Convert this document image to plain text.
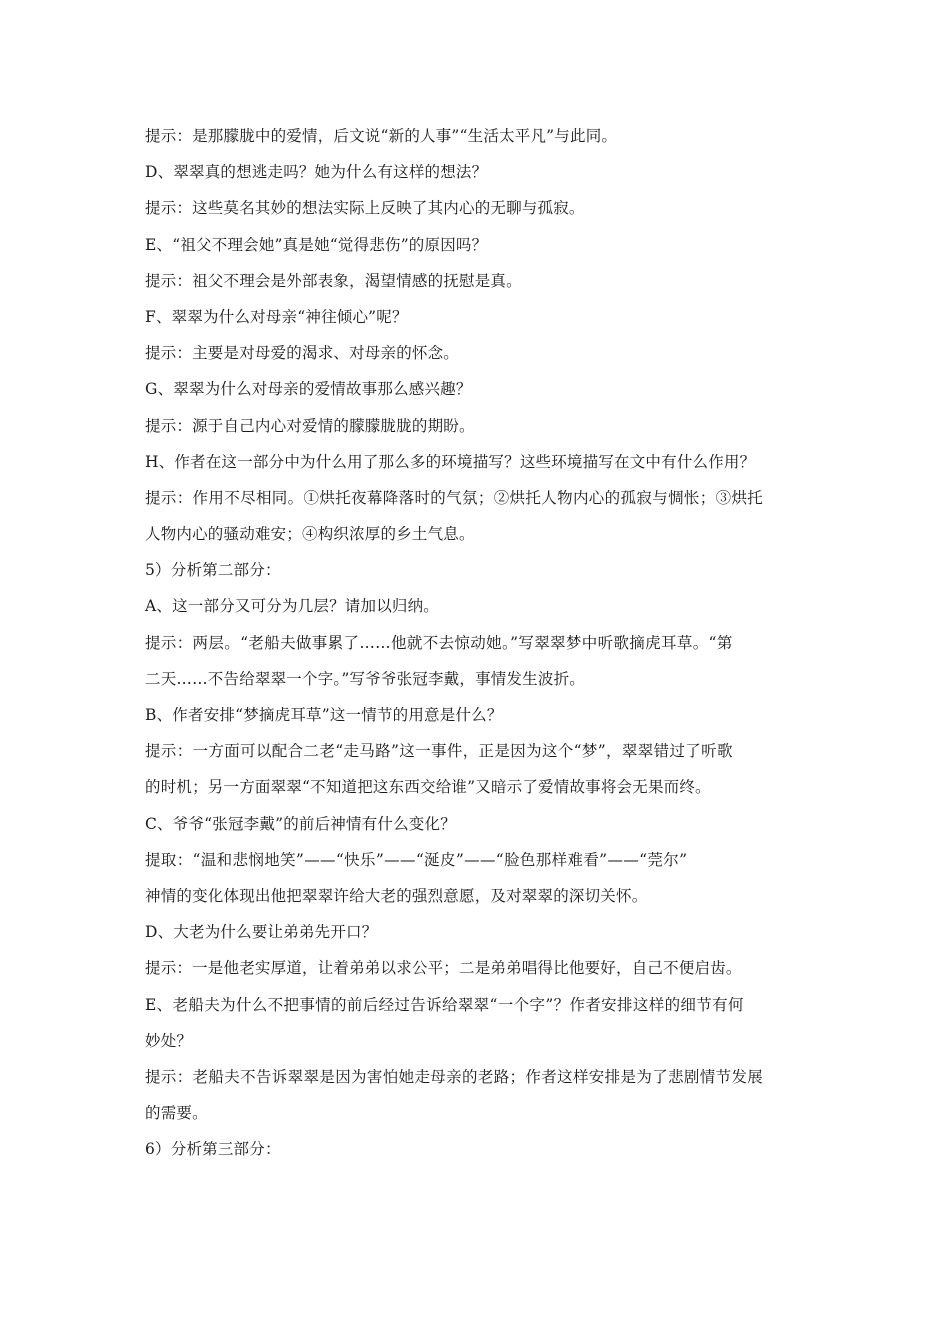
提示：是那朦胧中的爱情，后文说“新的人事”“生活太平凡”与此同。
D、翠翠真的想逃走吗？她为什么有这样的想法？
提示：这些莫名其妙的想法实际上反映了其内心的无聊与孤寂。
E、“祖父不理会她”真是她“觉得悲伤”的原因吗？
提示：祖父不理会是外部表象，渴望情感的抚慰是真。
F、翠翠为什么对母亲“神往倾心”呢？
提示：主要是对母爱的渴求、对母亲的怀念。
G、翠翠为什么对母亲的爱情故事那么感兴趣？
提示：源于自己内心对爱情的朦朦胧胧的期盼。
H、作者在这一部分中为什么用了那么多的环境描写？这些环境描写在文中有什么作用？
提示：作用不尽相同。①烘托夜幕降落时的气氛；②烘托人物内心的孤寂与惆怅；③烘托
人物内心的骚动难安；④构织浓厚的乡土气息。
5）分析第二部分：
A、这一部分又可分为几层？请加以归纳。
提示：两层。“老船夫做事累了……他就不去惊动她。”写翠翠梦中听歌摘虎耳草。“第
二天……不告给翠翠一个字。”写爷爷张冠李戴，事情发生波折。
B、作者安排“梦摘虎耳草”这一情节的用意是什么？
提示：一方面可以配合二老“走马路”这一事件，正是因为这个“梦”，翠翠错过了听歌
的时机；另一方面翠翠“不知道把这东西交给谁”又暗示了爱情故事将会无果而终。
C、爷爷“张冠李戴”的前后神情有什么变化？
提取：“温和悲悯地笑”——“快乐”——“涎皮”——“脸色那样难看”——“莞尔”
神情的变化体现出他把翠翠许给大老的强烈意愿，及对翠翠的深切关怀。
D、大老为什么要让弟弟先开口？
提示：一是他老实厚道，让着弟弟以求公平；二是弟弟唱得比他要好，自己不便启齿。
E、老船夫为什么不把事情的前后经过告诉给翠翠“一个字”？作者安排这样的细节有何
妙处？
提示：老船夫不告诉翠翠是因为害怕她走母亲的老路；作者这样安排是为了悲剧情节发展
的需要。
6）分析第三部分：
